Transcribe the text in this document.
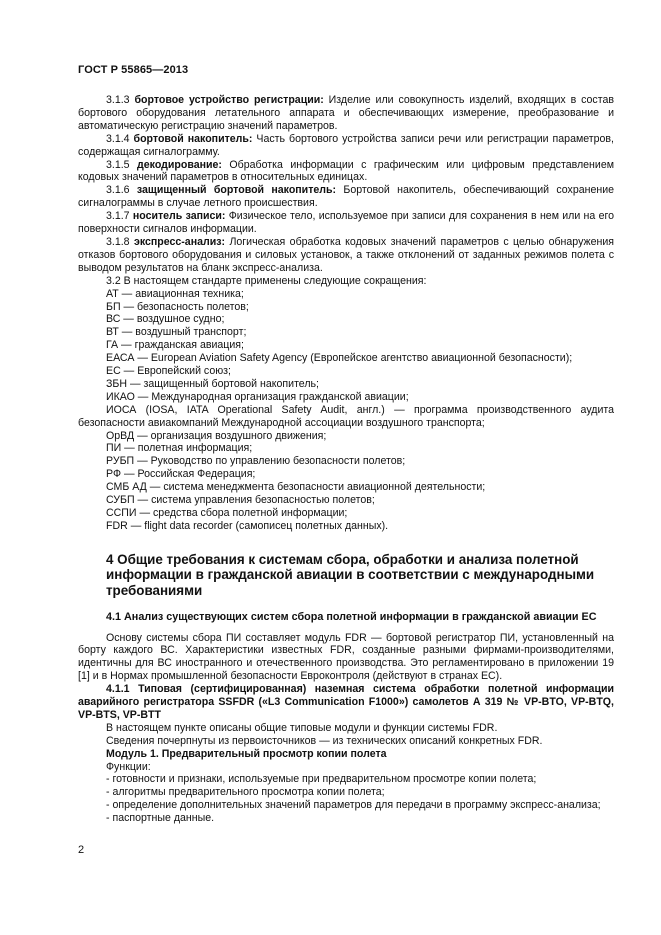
ГОСТ Р 55865—2013

3.1.3 бортовое устройство регистрации: Изделие или совокупность изделий, входящих в состав бортового оборудования летательного аппарата и обеспечивающих измерение, преобразование и автоматическую регистрацию значений параметров.

3.1.4 бортовой накопитель: Часть бортового устройства записи речи или регистрации параметров, содержащая сигналограмму.

3.1.5 декодирование: Обработка информации с графическим или цифровым представлением кодовых значений параметров в относительных единицах.

3.1.6 защищенный бортовой накопитель: Бортовой накопитель, обеспечивающий сохранение сигналограммы в случае летного происшествия.

3.1.7 носитель записи: Физическое тело, используемое при записи для сохранения в нем или на его поверхности сигналов информации.

3.1.8 экспресс-анализ: Логическая обработка кодовых значений параметров с целью обнаружения отказов бортового оборудования и силовых установок, а также отклонений от заданных режимов полета с выводом результатов на бланк экспресс-анализа.

3.2 В настоящем стандарте применены следующие сокращения:

АТ — авиационная техника;

БП — безопасность полетов;

ВС — воздушное судно;

ВТ — воздушный транспорт;

ГА — гражданская авиация;

ЕАСА — European Aviation Safety Agency (Европейское агентство авиационной безопасности);

ЕС — Европейский союз;

ЗБН — защищенный бортовой накопитель;

ИКАО — Международная организация гражданской авиации;

ИОСА (IOSA, IATA Operational Safety Audit, англ.) — программа производственного аудита безопасности авиакомпаний Международной ассоциации воздушного транспорта;

ОрВД — организация воздушного движения;

ПИ — полетная информация;

РУБП — Руководство по управлению безопасности полетов;

РФ — Российская Федерация;

СМБ АД — система менеджмента безопасности авиационной деятельности;

СУБП — система управления безопасностью полетов;

ССПИ — средства сбора полетной информации;

FDR — flight data recorder (самописец полетных данных).

4 Общие требования к системам сбора, обработки и анализа полетной информации в гражданской авиации в соответствии с международными требованиями
4.1 Анализ существующих систем сбора полетной информации в гражданской авиации ЕС

Основу системы сбора ПИ составляет модуль FDR — бортовой регистратор ПИ, установленный на борту каждого ВС. Характеристики известных FDR, созданные разными фирмами-производителями, идентичны для ВС иностранного и отечественного производства. Это регламентировано в приложении 19 [1] и в Нормах промышленной безопасности Евроконтроля (действуют в странах ЕС).

4.1.1 Типовая (сертифицированная) наземная система обработки полетной информации аварийного регистратора SSFDR («L3 Communication F1000») самолетов А 319 № VP-BTO, VP-BTQ, VP-BTS, VP-BTT

В настоящем пункте описаны общие типовые модули и функции системы FDR.

Сведения почерпнуты из первоисточников — из технических описаний конкретных FDR.

Модуль 1. Предварительный просмотр копии полета

Функции:

- готовности и признаки, используемые при предварительном просмотре копии полета;

- алгоритмы предварительного просмотра копии полета;

- определение дополнительных значений параметров для передачи в программу экспресс-анализа;

- паспортные данные.

2
